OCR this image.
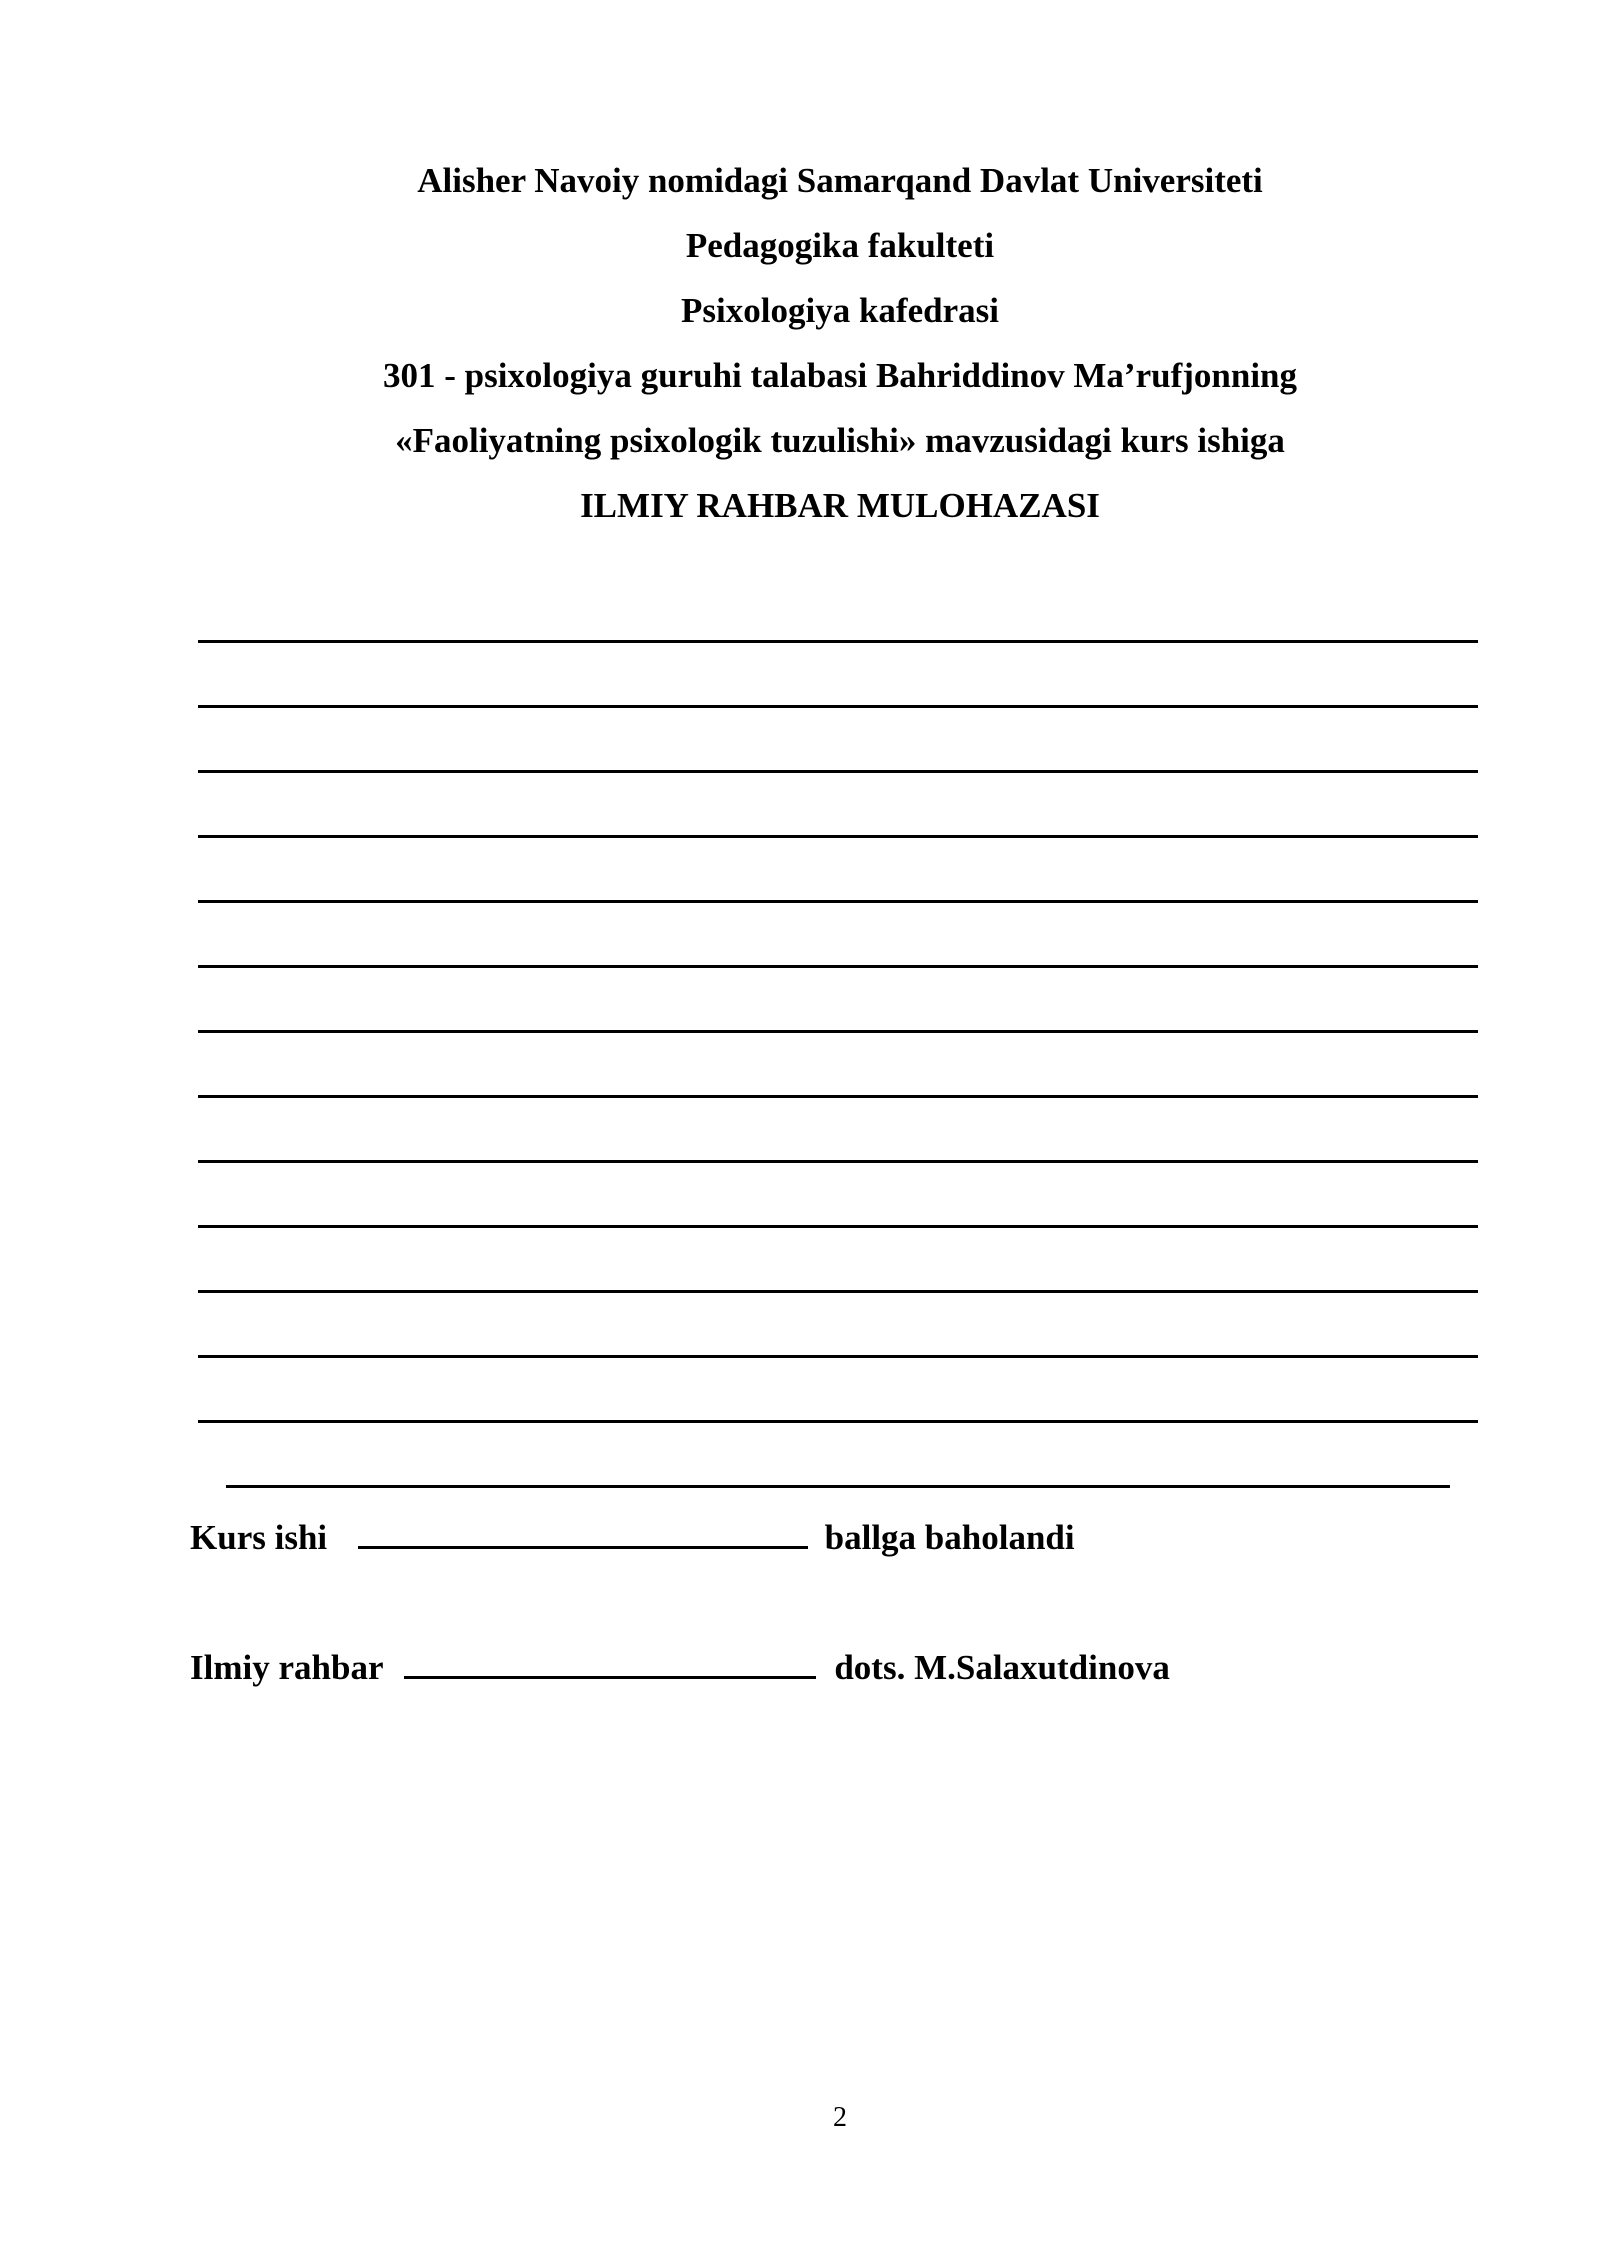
Alisher Navoiy nomidagi Samarqand Davlat Universiteti
Pedagogika fakulteti
Psixologiya kafedrasi
301 - psixologiya guruhi talabasi Bahriddinov Ma’rufjonning
«Faoliyatning psixologik tuzulishi» mavzusidagi kurs ishiga
ILMIY RAHBAR MULOHAZASI
Kurs ishi	ballga baholandi
Ilmiy rahbar	dots. M.Salaxutdinova
2
